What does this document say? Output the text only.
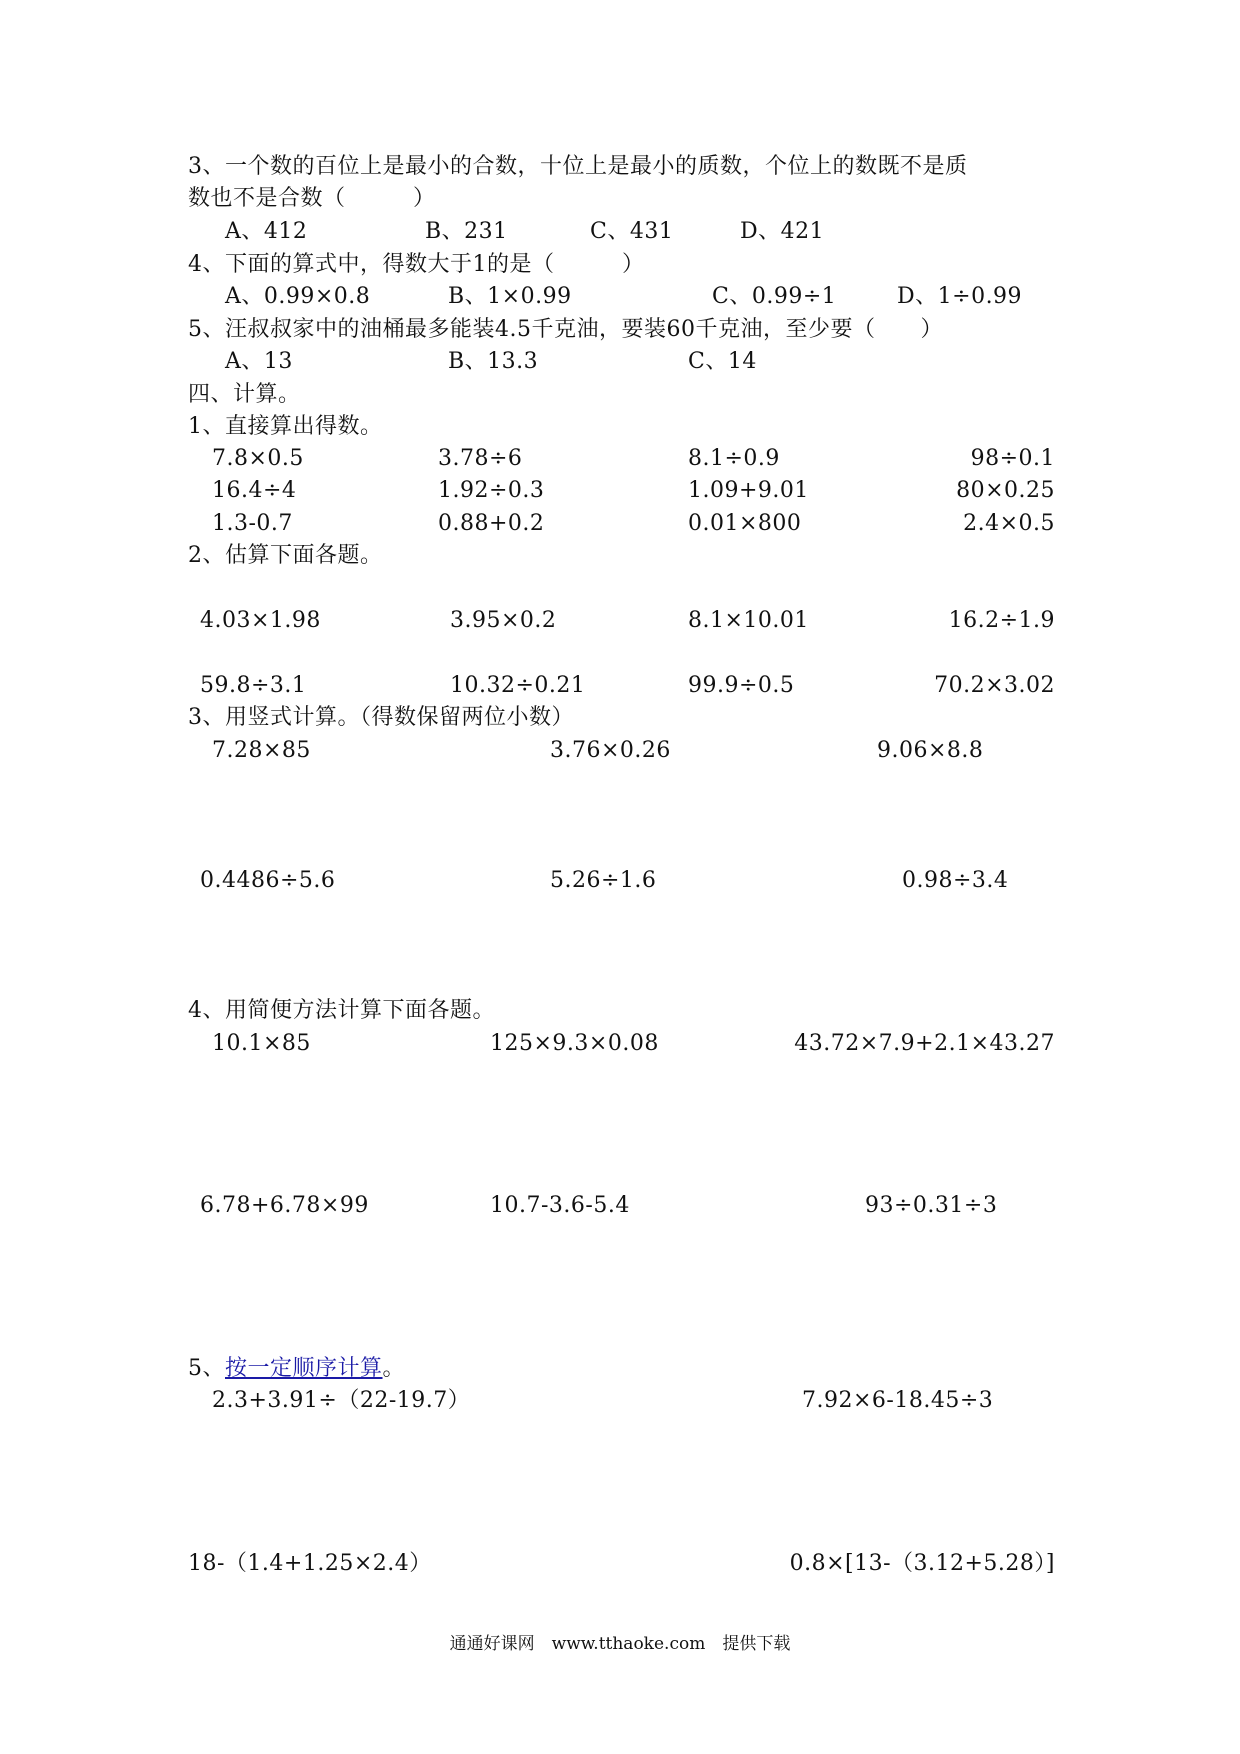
3、一个数的百位上是最小的合数，十位上是最小的质数，个位上的数既不是质
数也不是合数（　　　）
A、412	B、231	C、431	D、421
4、下面的算式中，得数大于1的是（　　　）
A、0.99×0.8	B、1×0.99	C、0.99÷1	D、1÷0.99
5、汪叔叔家中的油桶最多能装4.5千克油，要装60千克油，至少要（　　）
A、13	B、13.3	C、14
四、计算。
1、直接算出得数。
7.8×0.5	3.78÷6	8.1÷0.9	98÷0.1
16.4÷4	1.92÷0.3	1.09+9.01	80×0.25
1.3-0.7	0.88+0.2	0.01×800	2.4×0.5
2、估算下面各题。
4.03×1.98	3.95×0.2	8.1×10.01	16.2÷1.9
59.8÷3.1	10.32÷0.21	99.9÷0.5	70.2×3.02
3、用竖式计算。（得数保留两位小数）
7.28×85	3.76×0.26	9.06×8.8
0.4486÷5.6	5.26÷1.6	0.98÷3.4
4、用简便方法计算下面各题。
10.1×85	125×9.3×0.08	43.72×7.9+2.1×43.27
6.78+6.78×99	10.7-3.6-5.4	93÷0.31÷3
5、按一定顺序计算。
2.3+3.91÷（22-19.7）	7.92×6-18.45÷3
18-（1.4+1.25×2.4）	0.8×[13-（3.12+5.28）]
通通好课网　www.tthaoke.com　提供下载
